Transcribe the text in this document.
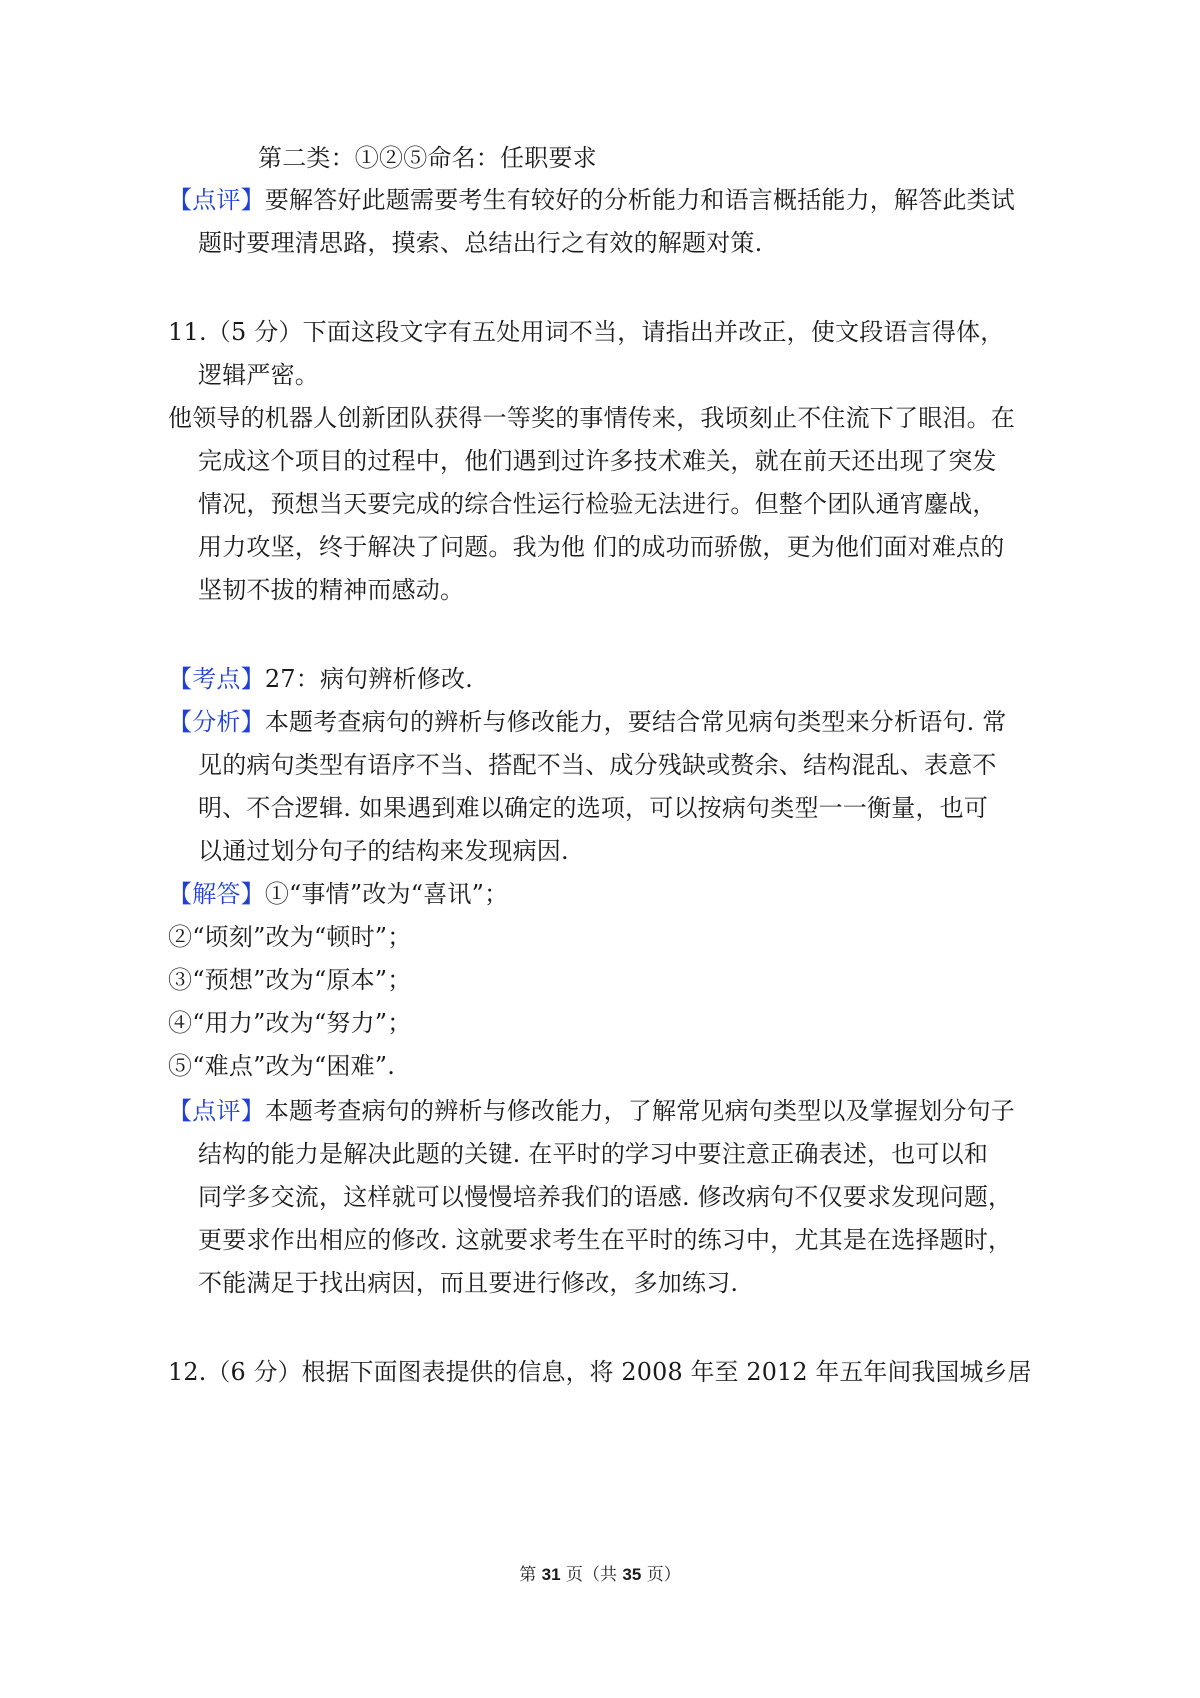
第二类：①②⑤命名：任职要求
【点评】要解答好此题需要考生有较好的分析能力和语言概括能力，解答此类试
题时要理清思路，摸索、总结出行之有效的解题对策.
11.（5 分）下面这段文字有五处用词不当，请指出并改正，使文段语言得体，
逻辑严密。
他领导的机器人创新团队获得一等奖的事情传来，我顷刻止不住流下了眼泪。在
完成这个项目的过程中，他们遇到过许多技术难关，就在前天还出现了突发
情况，预想当天要完成的综合性运行检验无法进行。但整个团队通宵鏖战，
用力攻坚，终于解决了问题。我为他 们的成功而骄傲，更为他们面对难点的
坚韧不拔的精神而感动。
【考点】27：病句辨析修改.
【分析】本题考查病句的辨析与修改能力，要结合常见病句类型来分析语句. 常
见的病句类型有语序不当、搭配不当、成分残缺或赘余、结构混乱、表意不
明、不合逻辑. 如果遇到难以确定的选项，可以按病句类型一一衡量，也可
以通过划分句子的结构来发现病因.
【解答】①“事情”改为“喜讯”；
②“顷刻”改为“顿时”；
③“预想”改为“原本”；
④“用力”改为“努力”；
⑤“难点”改为“困难”.
【点评】本题考查病句的辨析与修改能力，了解常见病句类型以及掌握划分句子
结构的能力是解决此题的关键. 在平时的学习中要注意正确表述，也可以和
同学多交流，这样就可以慢慢培养我们的语感. 修改病句不仅要求发现问题，
更要求作出相应的修改. 这就要求考生在平时的练习中，尤其是在选择题时，
不能满足于找出病因，而且要进行修改，多加练习.
12.（6 分）根据下面图表提供的信息，将 2008 年至 2012 年五年间我国城乡居
第 31 页（共 35 页）
